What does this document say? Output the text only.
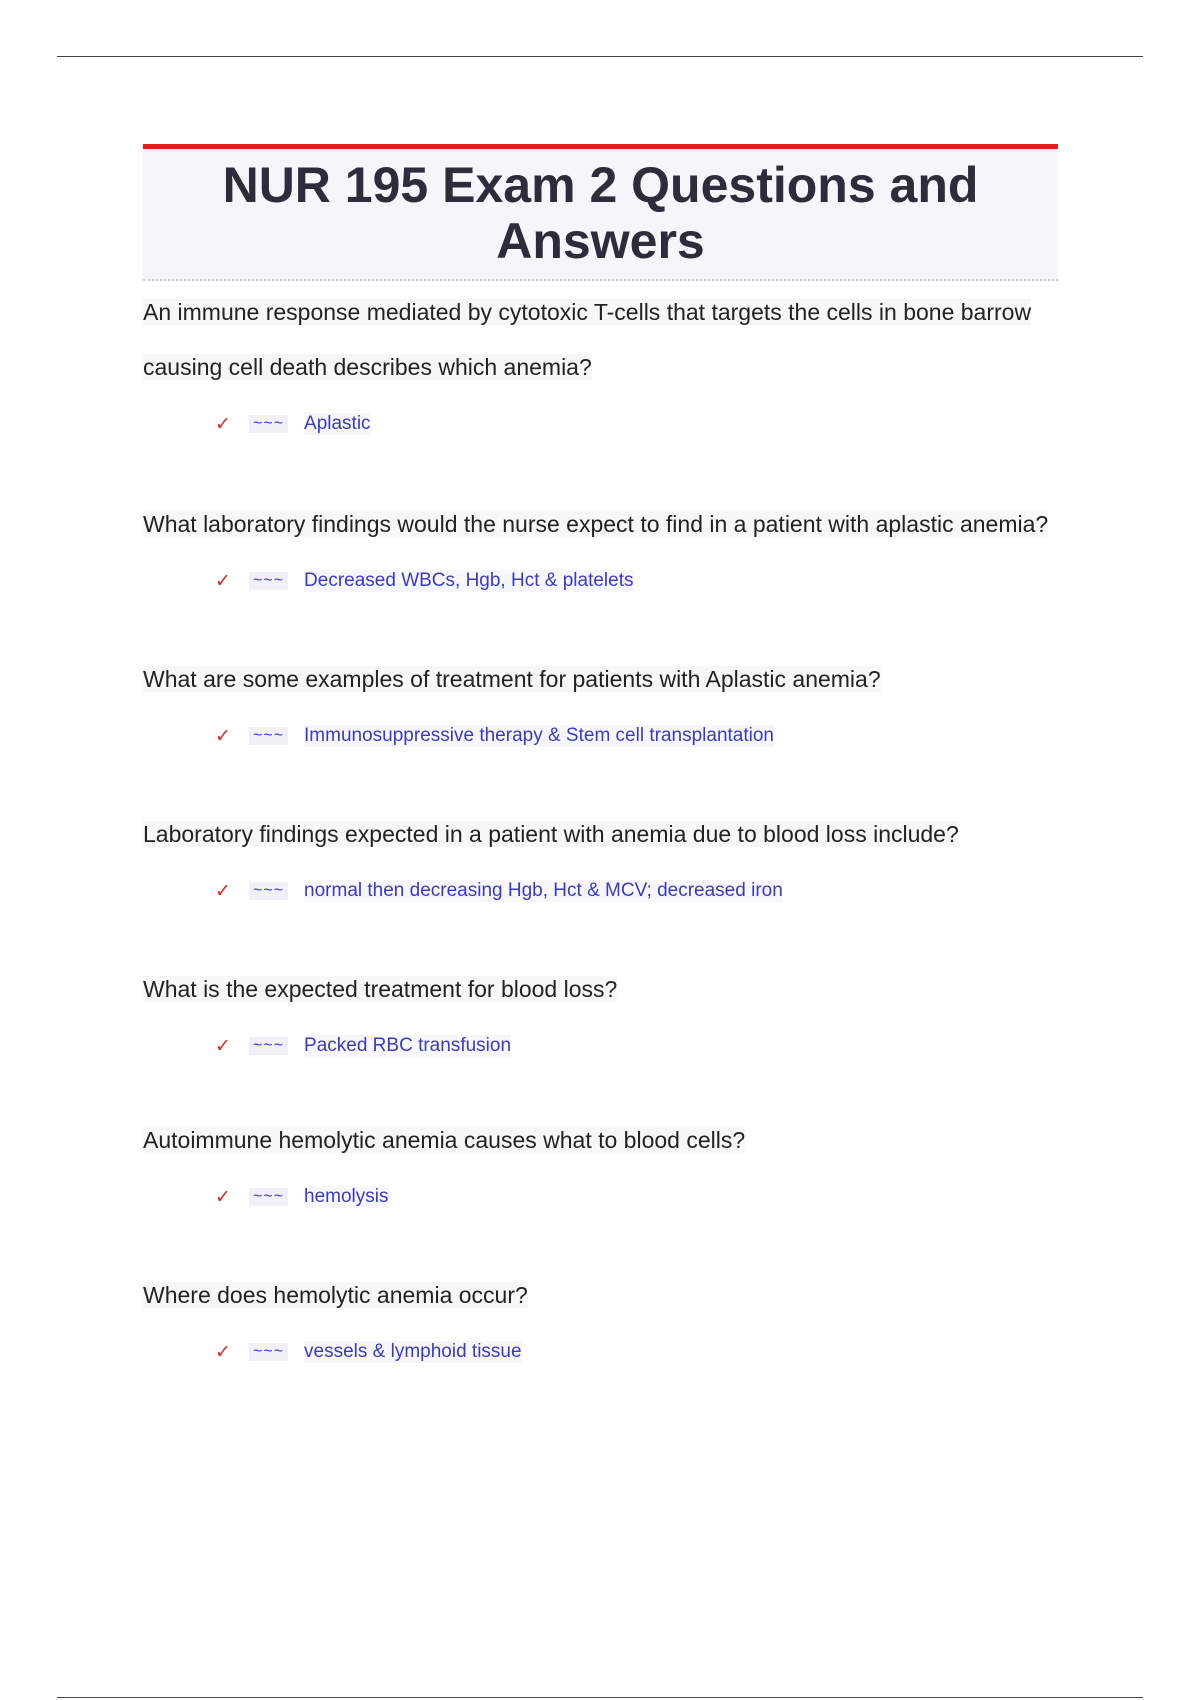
NUR 195 Exam 2 Questions and Answers

An immune response mediated by cytotoxic T-cells that targets the cells in bone barrow causing cell death describes which anemia?

✓	~~~ Aplastic

What laboratory findings would the nurse expect to find in a patient with aplastic anemia?

✓	~~~ Decreased WBCs, Hgb, Hct & platelets

What are some examples of treatment for patients with Aplastic anemia?

✓	~~~ Immunosuppressive therapy & Stem cell transplantation

Laboratory findings expected in a patient with anemia due to blood loss include?

✓	~~~ normal then decreasing Hgb, Hct & MCV; decreased iron

What is the expected treatment for blood loss?

✓	~~~ Packed RBC transfusion

Autoimmune hemolytic anemia causes what to blood cells?

✓	~~~ hemolysis

Where does hemolytic anemia occur?

✓	~~~ vessels & lymphoid tissue
